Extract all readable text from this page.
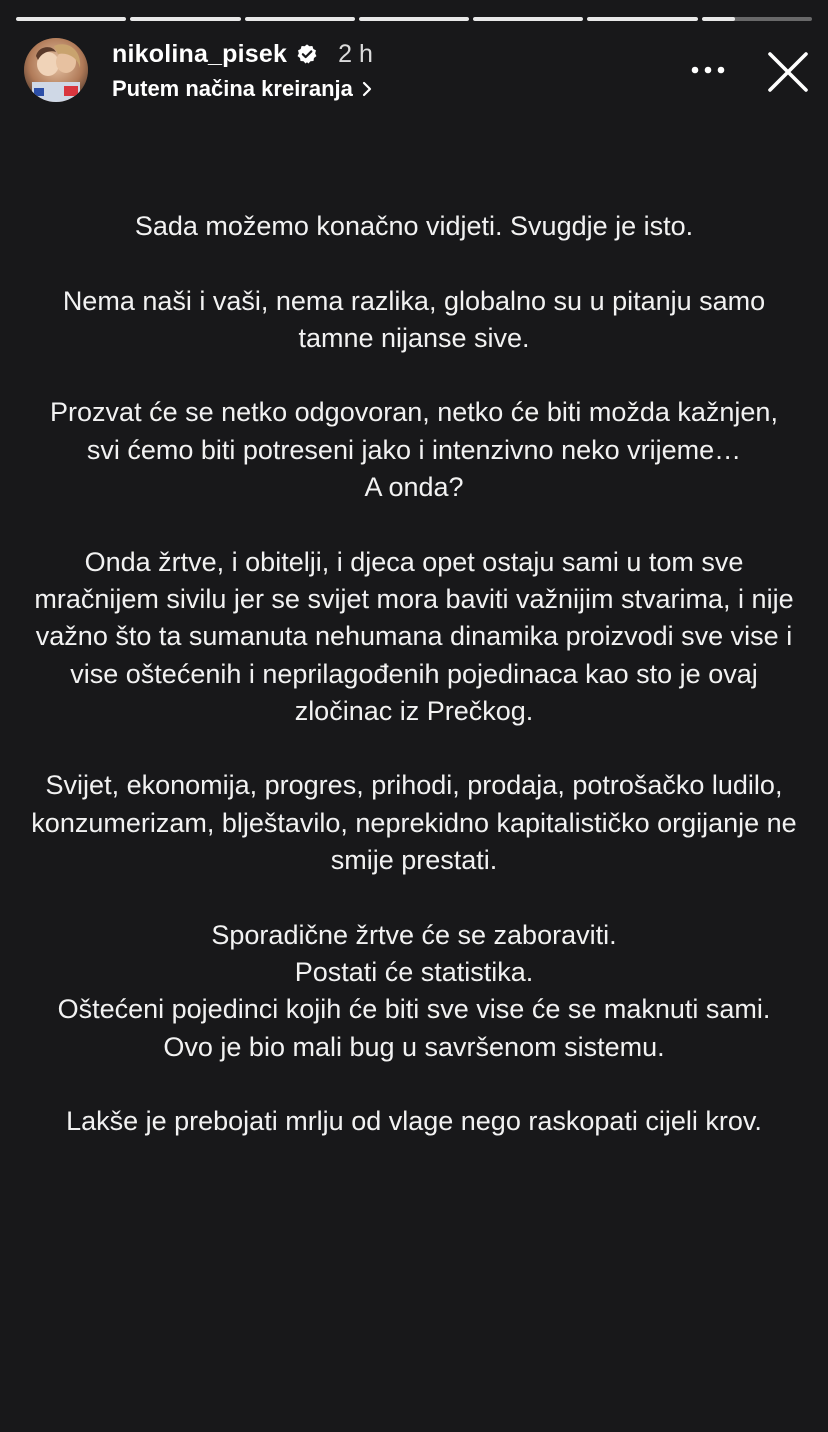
nikolina_pisek 2 h
Putem načina kreiranja

Sada možemo konačno vidjeti. Svugdje je isto.

Nema naši i vaši, nema razlika, globalno su u pitanju samo tamne nijanse sive.

Prozvat će se netko odgovoran, netko će biti možda kažnjen, svi ćemo biti potreseni jako i intenzivno neko vrijeme…
A onda?

Onda žrtve, i obitelji, i djeca opet ostaju sami u tom sve mračnijem sivilu jer se svijet mora baviti važnijim stvarima, i nije važno što ta sumanuta nehumana dinamika proizvodi sve vise i vise oštećenih i neprilagođenih pojedinaca kao sto je ovaj zločinac iz Prečkog.

Svijet, ekonomija, progres, prihodi, prodaja, potrošačko ludilo, konzumerizam, blještavilo, neprekidno kapitalističko orgijanje ne smije prestati.

Sporadične žrtve će se zaboraviti.
Postati će statistika.
Oštećeni pojedinci kojih će biti sve vise će se maknuti sami.
Ovo je bio mali bug u savršenom sistemu.

Lakše je prebojati mrlju od vlage nego raskopati cijeli krov.
